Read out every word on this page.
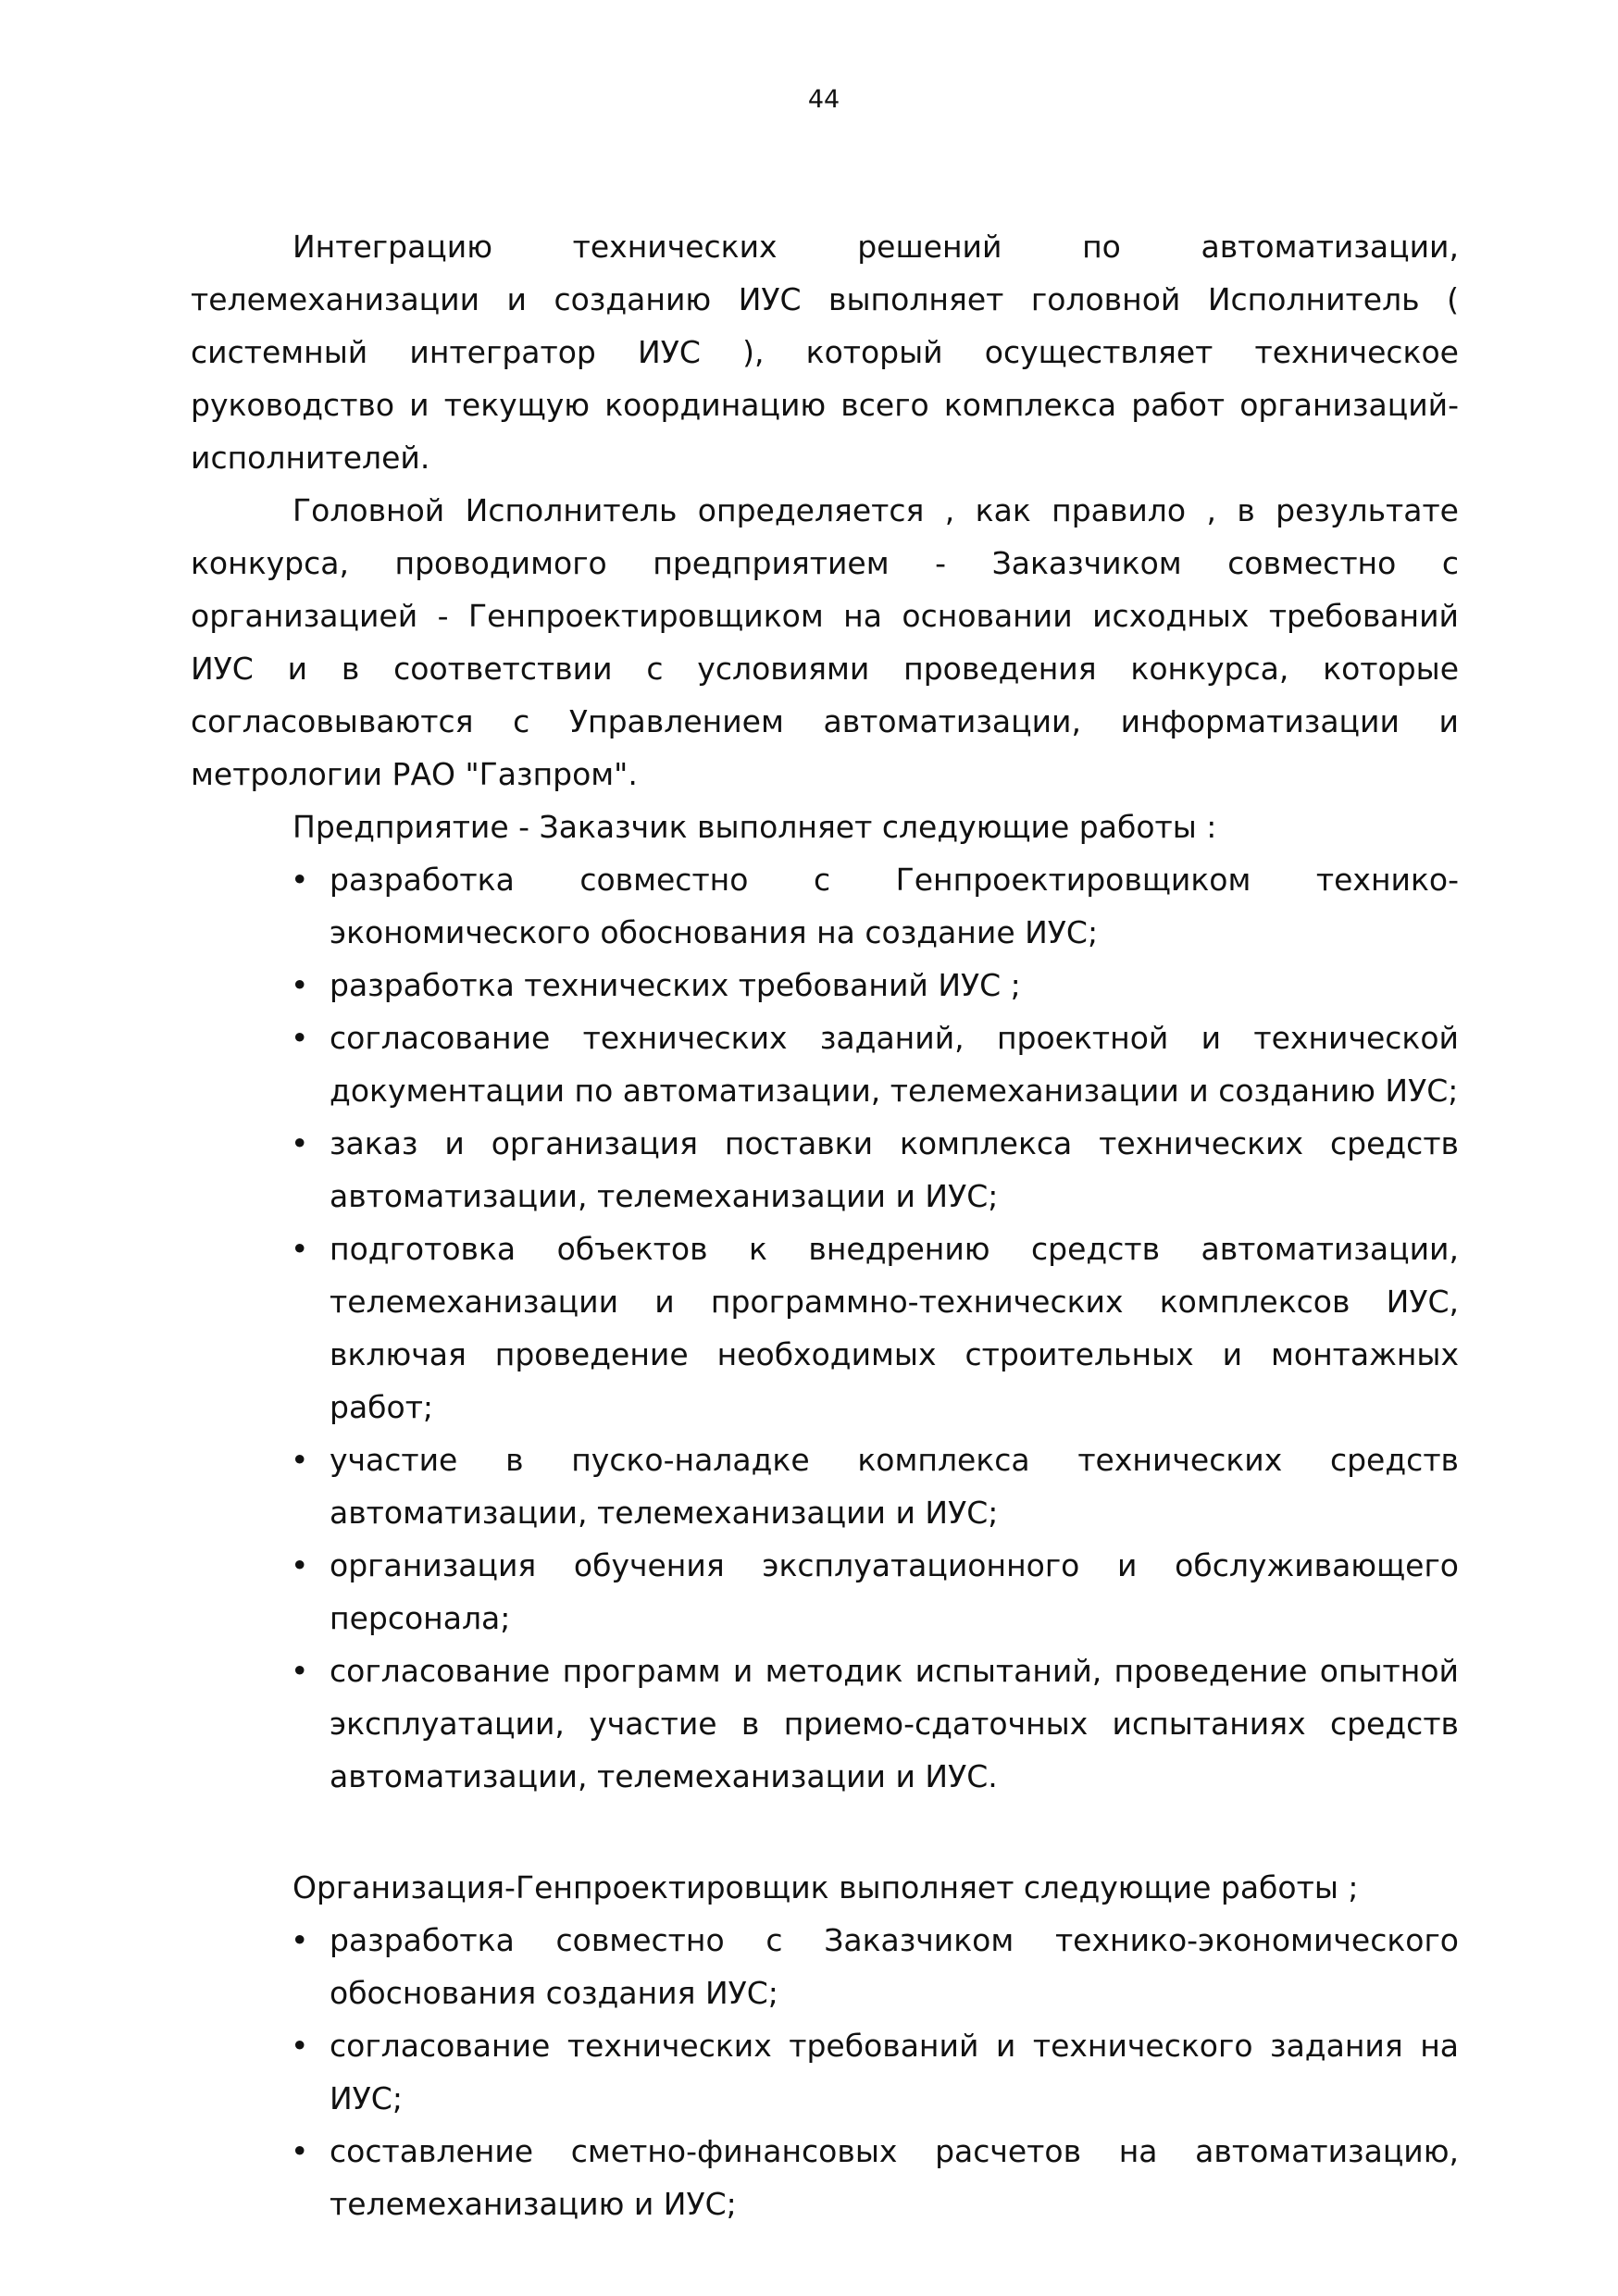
44

Интеграцию технических решений по автоматизации, телемеханизации и созданию ИУС выполняет головной Исполнитель ( системный интегратор ИУС ), который осуществляет техническое руководство и текущую координацию всего комплекса работ организаций-исполнителей.

Головной Исполнитель определяется , как правило , в результате конкурса, проводимого предприятием - Заказчиком совместно с организацией - Генпроектировщиком на основании исходных требований ИУС и в соответствии с условиями проведения конкурса, которые согласовываются с Управлением автоматизации, информатизации и метрологии РАО "Газпром".

Предприятие - Заказчик выполняет следующие работы :

• разработка совместно с Генпроектировщиком технико-экономического обоснования на создание ИУС;
• разработка технических требований ИУС ;
• согласование технических заданий, проектной и технической документации по автоматизации, телемеханизации и созданию ИУС;
• заказ и организация поставки комплекса технических средств автоматизации, телемеханизации и ИУС;
• подготовка объектов к внедрению средств автоматизации, телемеханизации и программно-технических комплексов ИУС, включая проведение необходимых строительных и монтажных работ;
• участие в пуско-наладке комплекса технических средств автоматизации, телемеханизации и ИУС;
• организация обучения эксплуатационного и обслуживающего персонала;
• согласование программ и методик испытаний, проведение опытной эксплуатации, участие в приемо-сдаточных испытаниях средств автоматизации, телемеханизации и ИУС.

Организация-Генпроектировщик выполняет следующие работы ;

• разработка совместно с Заказчиком технико-экономического обоснования создания ИУС;
• согласование технических требований и технического задания на ИУС;
• составление сметно-финансовых расчетов на автоматизацию, телемеханизацию и ИУС;
